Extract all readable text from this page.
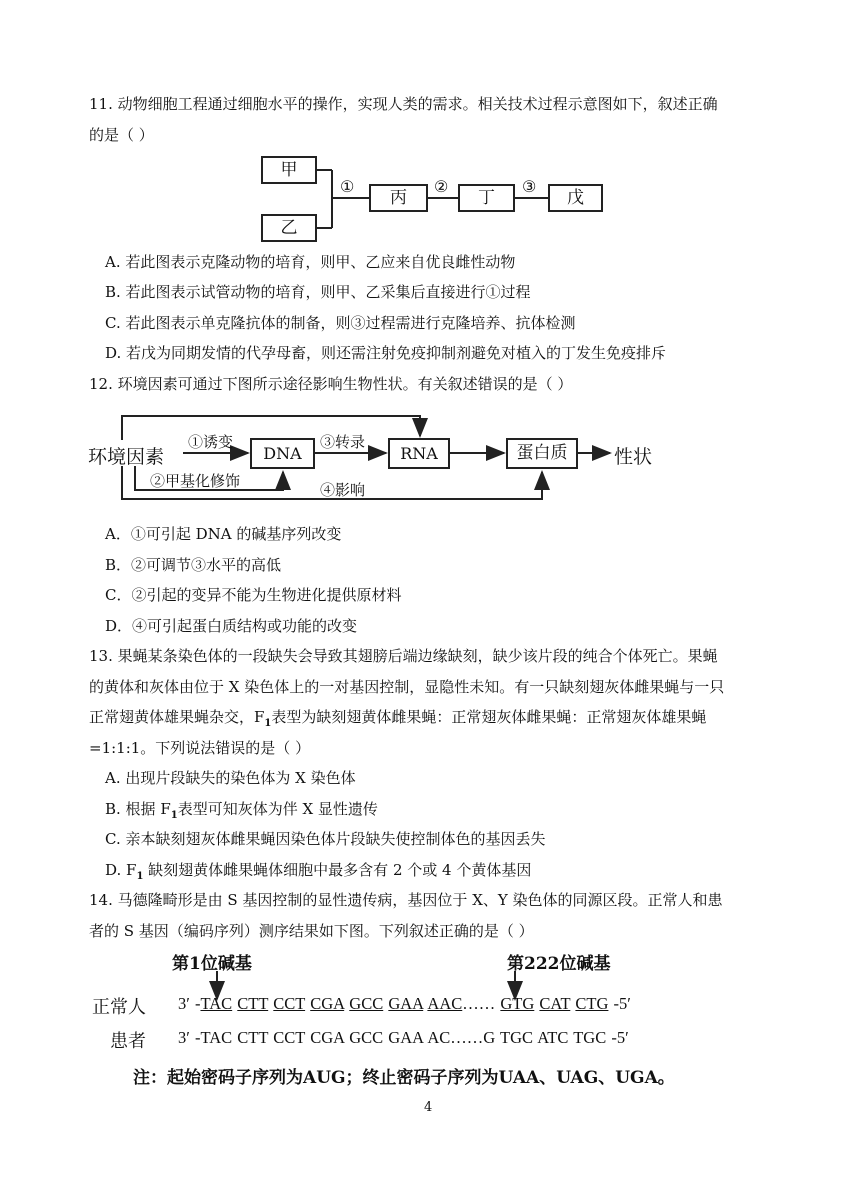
11. 动物细胞工程通过细胞水平的操作，实现人类的需求。相关技术过程示意图如下，叙述正确
的是（ ）
甲
乙
①
丙
②
丁
③
戊
A. 若此图表示克隆动物的培育，则甲、乙应来自优良雌性动物
B. 若此图表示试管动物的培育，则甲、乙采集后直接进行①过程
C. 若此图表示单克隆抗体的制备，则③过程需进行克隆培养、抗体检测
D. 若戊为同期发情的代孕母畜，则还需注射免疫抑制剂避免对植入的丁发生免疫排斥
12. 环境因素可通过下图所示途径影响生物性状。有关叙述错误的是（ ）
环境因素
①诱变
DNA
③转录
RNA	蛋白质	性状
②甲基化修饰	④影响
A．①可引起 DNA 的碱基序列改变
B．②可调节③水平的高低
C．②引起的变异不能为生物进化提供原材料
D．④可引起蛋白质结构或功能的改变
13. 果蝇某条染色体的一段缺失会导致其翅膀后端边缘缺刻，缺少该片段的纯合个体死亡。果蝇
的黄体和灰体由位于 X 染色体上的一对基因控制，显隐性未知。有一只缺刻翅灰体雌果蝇与一只
正常翅黄体雄果蝇杂交，$F_1$表型为缺刻翅黄体雌果蝇：正常翅灰体雌果蝇：正常翅灰体雄果蝇
=1:1:1。下列说法错误的是（ ）
A. 出现片段缺失的染色体为 X 染色体
B. 根据 $F_1$表型可知灰体为伴 X 显性遗传
C. 亲本缺刻翅灰体雌果蝇因染色体片段缺失使控制体色的基因丢失
D. $F_1$ 缺刻翅黄体雌果蝇体细胞中最多含有 2 个或 4 个黄体基因
14. 马德隆畸形是由 S 基因控制的显性遗传病，基因位于 X、Y 染色体的同源区段。正常人和患
者的 S 基因（编码序列）测序结果如下图。下列叙述正确的是（ ）
第1位碱基	第222位碱基
正常人 3′ -TAC CTT CCT CGA GCC GAA AAC…… GTG CAT CTG -5′
患者 3′ -TAC CTT CCT CGA GCC GAA AC……G TGC ATC TGC -5′
注：起始密码子序列为AUG；终止密码子序列为UAA、UAG、UGA。
4
